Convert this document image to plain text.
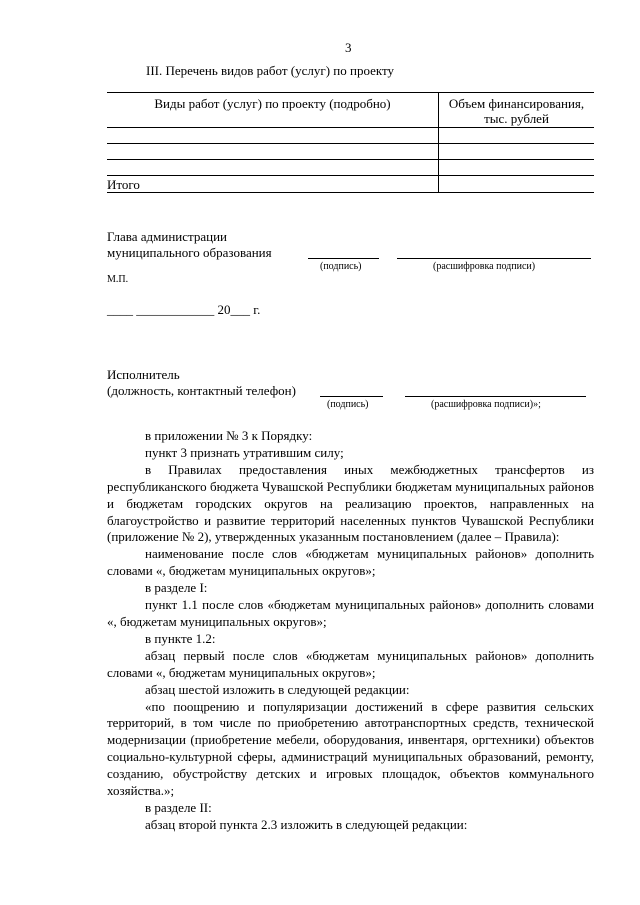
3
III. Перечень видов работ (услуг) по проекту
Виды работ (услуг) по проекту (подробно)	Объем финансирования,
тыс. рублей
Итого
Глава администрации
муниципального образования
(подпись)	(расшифровка подписи)
М.П.
____ ____________ 20___ г.
Исполнитель
(должность, контактный телефон)
(подпись)	(расшифровка подписи)»;

в приложении № 3 к Порядку:

пункт 3 признать утратившим силу;

в Правилах предоставления иных межбюджетных трансфертов из республиканского бюджета Чувашской Республики бюджетам муниципальных районов и бюджетам городских округов на реализацию проектов, направленных на благоустройство и развитие территорий населенных пунктов Чувашской Республики (приложение № 2), утвержденных указанным постановлением (далее – Правила):

наименование после слов «бюджетам муниципальных районов» дополнить словами «, бюджетам муниципальных округов»;

в разделе I:

пункт 1.1 после слов «бюджетам муниципальных районов» дополнить словами «, бюджетам муниципальных округов»;

в пункте 1.2:

абзац первый после слов «бюджетам муниципальных районов» дополнить словами «, бюджетам муниципальных округов»;

абзац шестой изложить в следующей редакции:

«по поощрению и популяризации достижений в сфере развития сельских территорий, в том числе по приобретению автотранспортных средств, технической модернизации (приобретение мебели, оборудования, инвентаря, оргтехники) объектов социально-культурной сферы, администраций муниципальных образований, ремонту, созданию, обустройству детских и игровых площадок, объектов коммунального хозяйства.»;

в разделе II:

абзац второй пункта 2.3 изложить в следующей редакции:
